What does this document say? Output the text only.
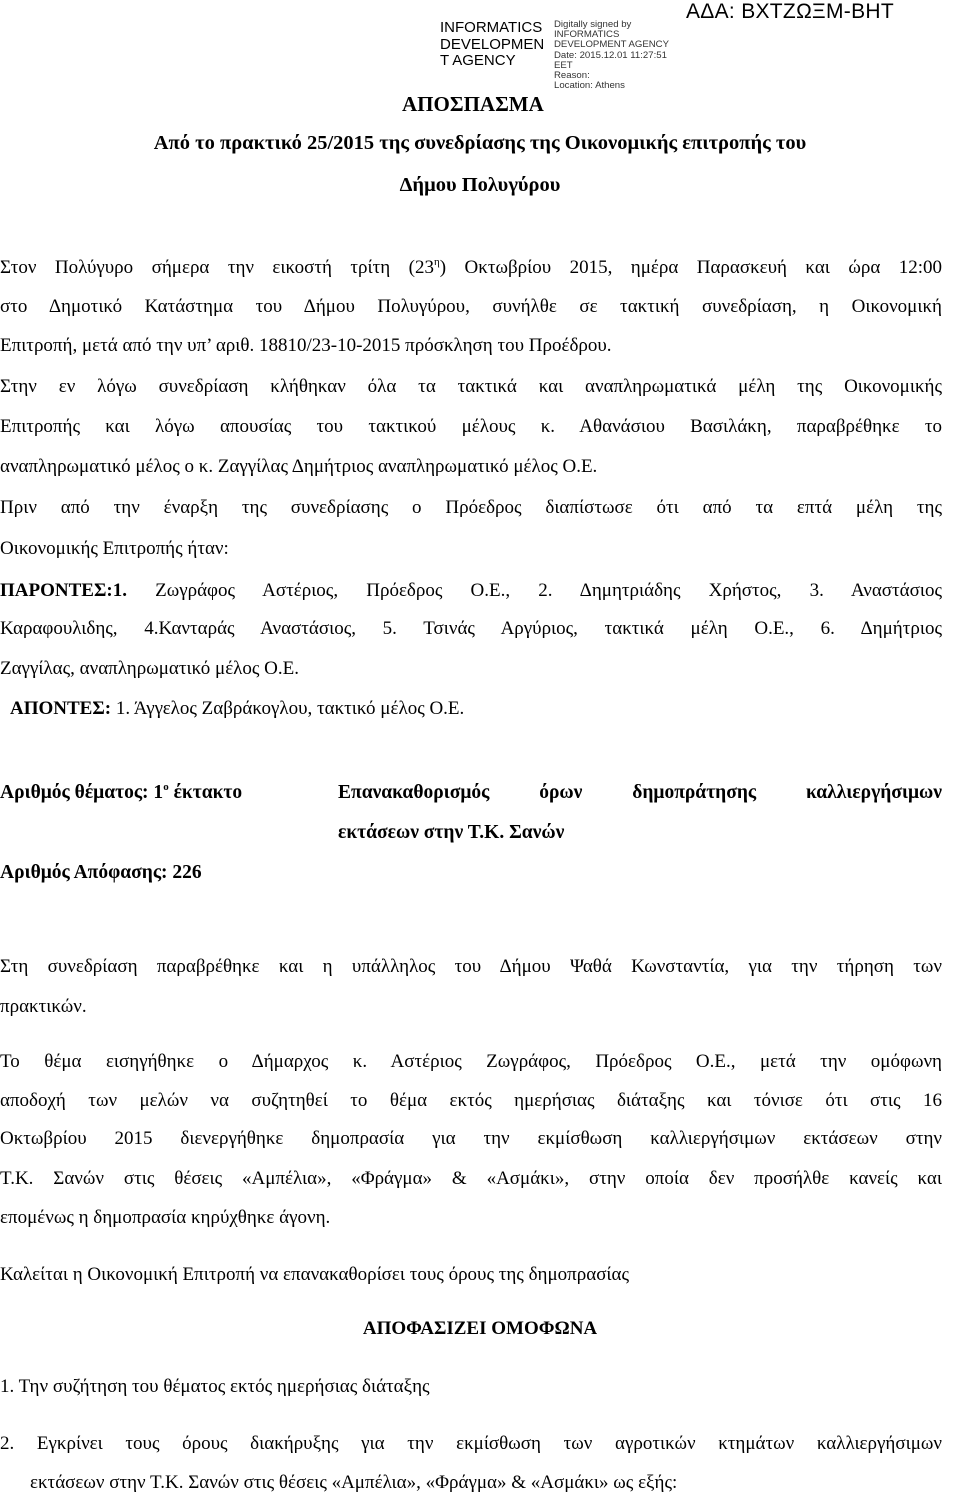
INFORMATICS
DEVELOPMEN
T AGENCY
Digitally signed by
INFORMATICS
DEVELOPMENT AGENCY
Date: 2015.12.01 11:27:51
EET
Reason:
Location: Athens
ΑΔΑ: ΒΧΤΖΩΞΜ-ΒΗΤ
ΑΠΟΣΠΑΣΜΑ
Από το πρακτικό 25/2015 της συνεδρίασης της Οικονομικής επιτροπής του
Δήμου Πολυγύρου
Στον Πολύγυρο σήμερα την εικοστή τρίτη $(23^\eta)$ Οκτωβρίου 2015, ημέρα Παρασκευή και ώρα 12:00
στο Δημοτικό Κατάστημα του Δήμου Πολυγύρου, συνήλθε σε τακτική συνεδρίαση, η Οικονομική
Επιτροπή, μετά από την υπ’ αριθ. 18810/23-10-2015 πρόσκληση του Προέδρου.
Στην εν λόγω συνεδρίαση κλήθηκαν όλα τα τακτικά και αναπληρωματικά μέλη της Οικονομικής
Επιτροπής και λόγω απουσίας του τακτικού μέλους κ. Αθανάσιου Βασιλάκη, παραβρέθηκε το
αναπληρωματικό μέλος ο κ. Ζαγγίλας Δημήτριος αναπληρωματικό μέλος Ο.Ε.
Πριν από την έναρξη της συνεδρίασης ο Πρόεδρος διαπίστωσε ότι από τα επτά μέλη της
Οικονομικής Επιτροπής ήταν:
ΠΑΡΟΝΤΕΣ:1. Ζωγράφος Αστέριος, Πρόεδρος Ο.Ε., 2. Δημητριάδης Χρήστος, 3. Αναστάσιος
Καραφουλιδης, 4.Κανταράς Αναστάσιος, 5. Τσινάς Αργύριος, τακτικά μέλη Ο.Ε., 6. Δημήτριος
Ζαγγίλας, αναπληρωματικό μέλος Ο.Ε.
ΑΠΟΝΤΕΣ: 1. Άγγελος Ζαβράκογλου, τακτικό μέλος Ο.Ε.
Αριθμός θέματος: $1^o$ έκτακτο	Επανακαθορισμός όρων δημοπράτησης καλλιεργήσιμων
εκτάσεων στην Τ.Κ. Σανών
Αριθμός Απόφασης: 226
Στη συνεδρίαση παραβρέθηκε και η υπάλληλος του Δήμου Ψαθά Κωνσταντία, για την τήρηση των
πρακτικών.
Το θέμα εισηγήθηκε ο Δήμαρχος κ. Αστέριος Ζωγράφος, Πρόεδρος Ο.Ε., μετά την ομόφωνη
αποδοχή των μελών να συζητηθεί το θέμα εκτός ημερήσιας διάταξης και τόνισε ότι στις 16
Οκτωβρίου 2015 διενεργήθηκε δημοπρασία για την εκμίσθωση καλλιεργήσιμων εκτάσεων στην
Τ.Κ. Σανών στις θέσεις «Αμπέλια», «Φράγμα» & «Ασμάκι», στην οποία δεν προσήλθε κανείς και
επομένως η δημοπρασία κηρύχθηκε άγονη.
Καλείται η Οικονομική Επιτροπή να επανακαθορίσει τους όρους της δημοπρασίας
ΑΠΟΦΑΣΙΖΕΙ ΟΜΟΦΩΝΑ
1. Την συζήτηση του θέματος εκτός ημερήσιας διάταξης
2. Εγκρίνει τους όρους διακήρυξης για την εκμίσθωση των αγροτικών κτημάτων καλλιεργήσιμων
εκτάσεων στην Τ.Κ. Σανών στις θέσεις «Αμπέλια», «Φράγμα» & «Ασμάκι» ως εξής:
